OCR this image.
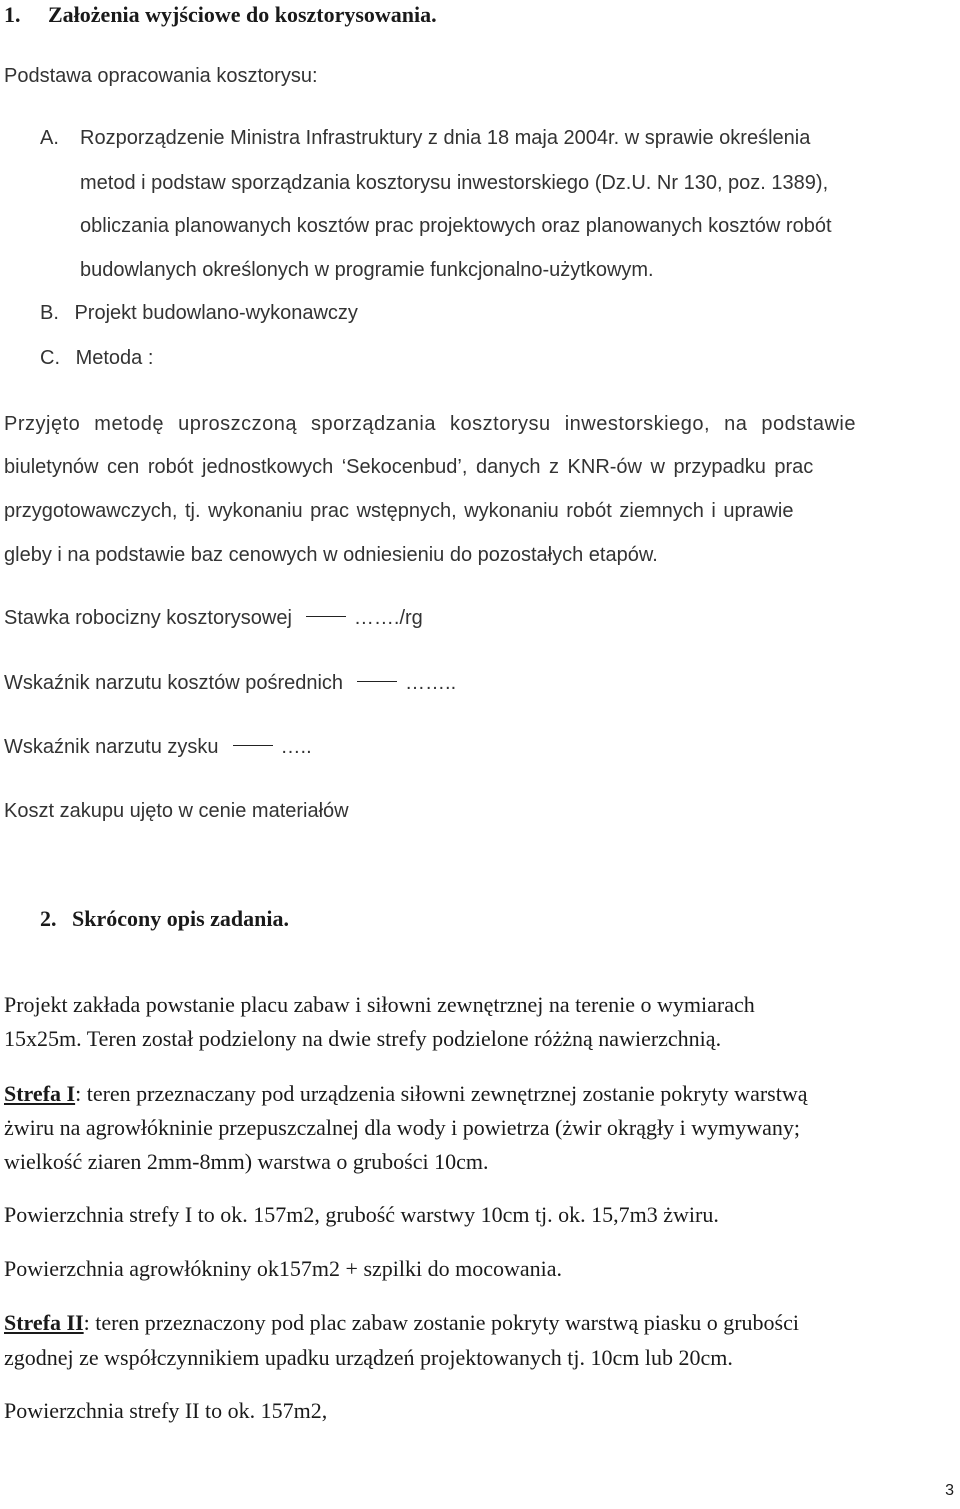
1. Założenia wyjściowe do kosztorysowania.
Podstawa opracowania kosztorysu:
A. Rozporządzenie Ministra Infrastruktury z dnia 18 maja 2004r. w sprawie określenia
metod i podstaw sporządzania kosztorysu inwestorskiego (Dz.U. Nr 130, poz. 1389),
obliczania planowanych kosztów prac projektowych oraz planowanych kosztów robót
budowlanych określonych w programie funkcjonalno-użytkowym.
B. Projekt budowlano-wykonawczy
C. Metoda :
Przyjęto metodę uproszczoną sporządzania kosztorysu inwestorskiego, na podstawie
biuletynów cen robót jednostkowych ‘Sekocenbud’, danych z KNR-ów w przypadku prac
przygotowawczych, tj. wykonaniu prac wstępnych, wykonaniu robót ziemnych i uprawie
gleby i na podstawie baz cenowych w odniesieniu do pozostałych etapów.
Stawka robocizny kosztorysowej	……./rg
Wskaźnik narzutu kosztów pośrednich	……..
Wskaźnik narzutu zysku	…..
Koszt zakupu ujęto w cenie materiałów
2. Skrócony opis zadania.
Projekt zakłada powstanie placu zabaw i siłowni zewnętrznej na terenie o wymiarach
15x25m. Teren został podzielony na dwie strefy podzielone różżną nawierzchnią.
Strefa I: teren przeznaczany pod urządzenia siłowni zewnętrznej zostanie pokryty warstwą
żwiru na agrowłókninie przepuszczalnej dla wody i powietrza (żwir okrągły i wymywany;
wielkość ziaren 2mm-8mm) warstwa o grubości 10cm.
Powierzchnia strefy I to ok. 157m2, grubość warstwy 10cm tj. ok. 15,7m3 żwiru.
Powierzchnia agrowłókniny ok157m2 + szpilki do mocowania.
Strefa II: teren przeznaczony pod plac zabaw zostanie pokryty warstwą piasku o grubości
zgodnej ze współczynnikiem upadku urządzeń projektowanych tj. 10cm lub 20cm.
Powierzchnia strefy II to ok. 157m2,
3
